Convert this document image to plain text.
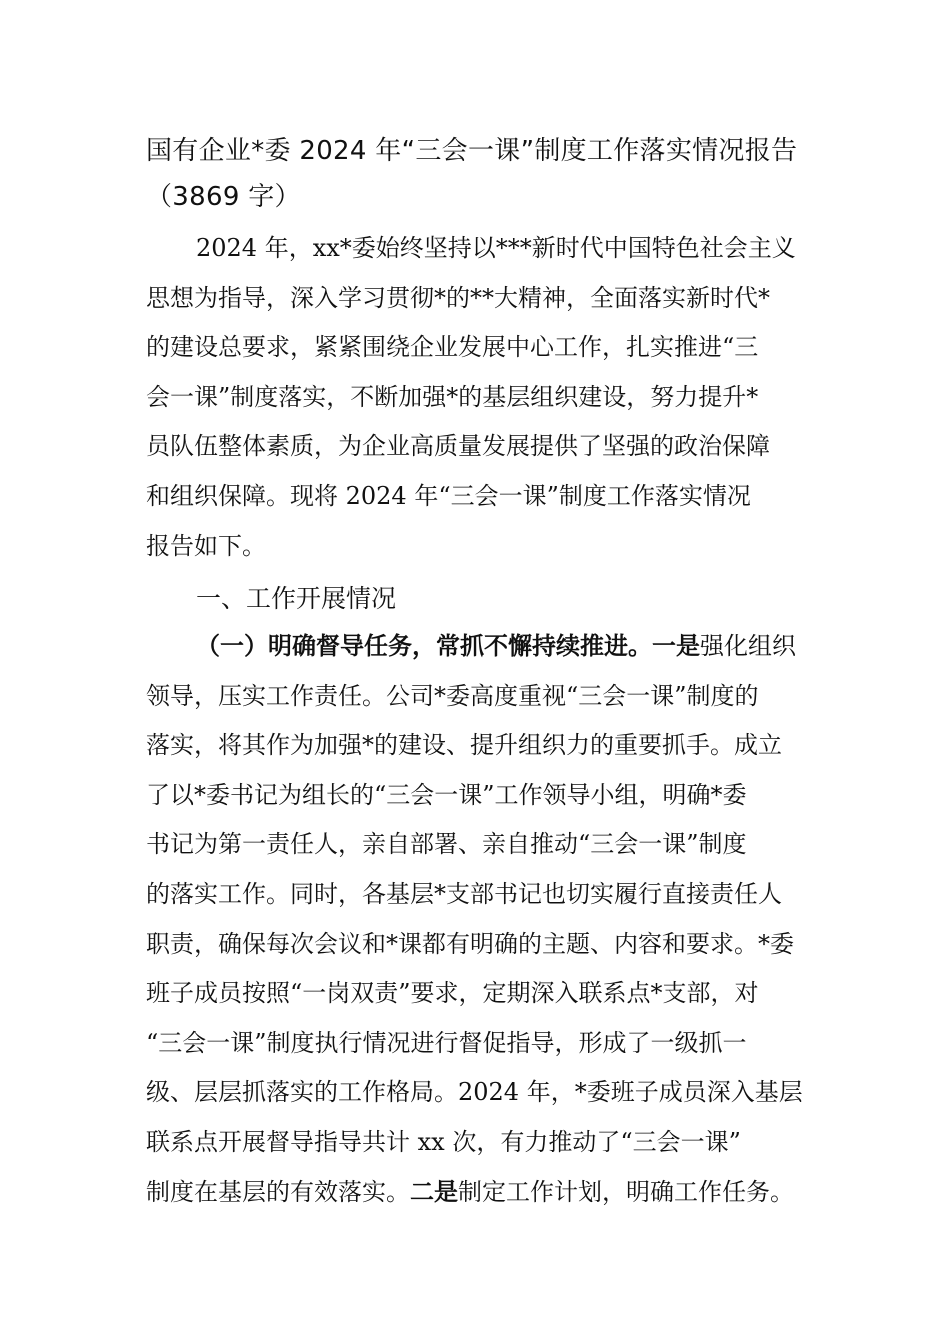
国有企业*委 2024 年“三会一课”制度工作落实情况报告
（3869 字）
2024 年，xx*委始终坚持以***新时代中国特色社会主义
思想为指导，深入学习贯彻*的**大精神，全面落实新时代*
的建设总要求，紧紧围绕企业发展中心工作，扎实推进“三
会一课”制度落实，不断加强*的基层组织建设，努力提升*
员队伍整体素质，为企业高质量发展提供了坚强的政治保障
和组织保障。现将 2024 年“三会一课”制度工作落实情况
报告如下。
一、工作开展情况
（一）明确督导任务，常抓不懈持续推进。一是强化组织
领导，压实工作责任。公司*委高度重视“三会一课”制度的
落实，将其作为加强*的建设、提升组织力的重要抓手。成立
了以*委书记为组长的“三会一课”工作领导小组，明确*委
书记为第一责任人，亲自部署、亲自推动“三会一课”制度
的落实工作。同时，各基层*支部书记也切实履行直接责任人
职责，确保每次会议和*课都有明确的主题、内容和要求。*委
班子成员按照“一岗双责”要求，定期深入联系点*支部，对
“三会一课”制度执行情况进行督促指导，形成了一级抓一
级、层层抓落实的工作格局。2024 年，*委班子成员深入基层
联系点开展督导指导共计 xx 次，有力推动了“三会一课”
制度在基层的有效落实。二是制定工作计划，明确工作任务。
